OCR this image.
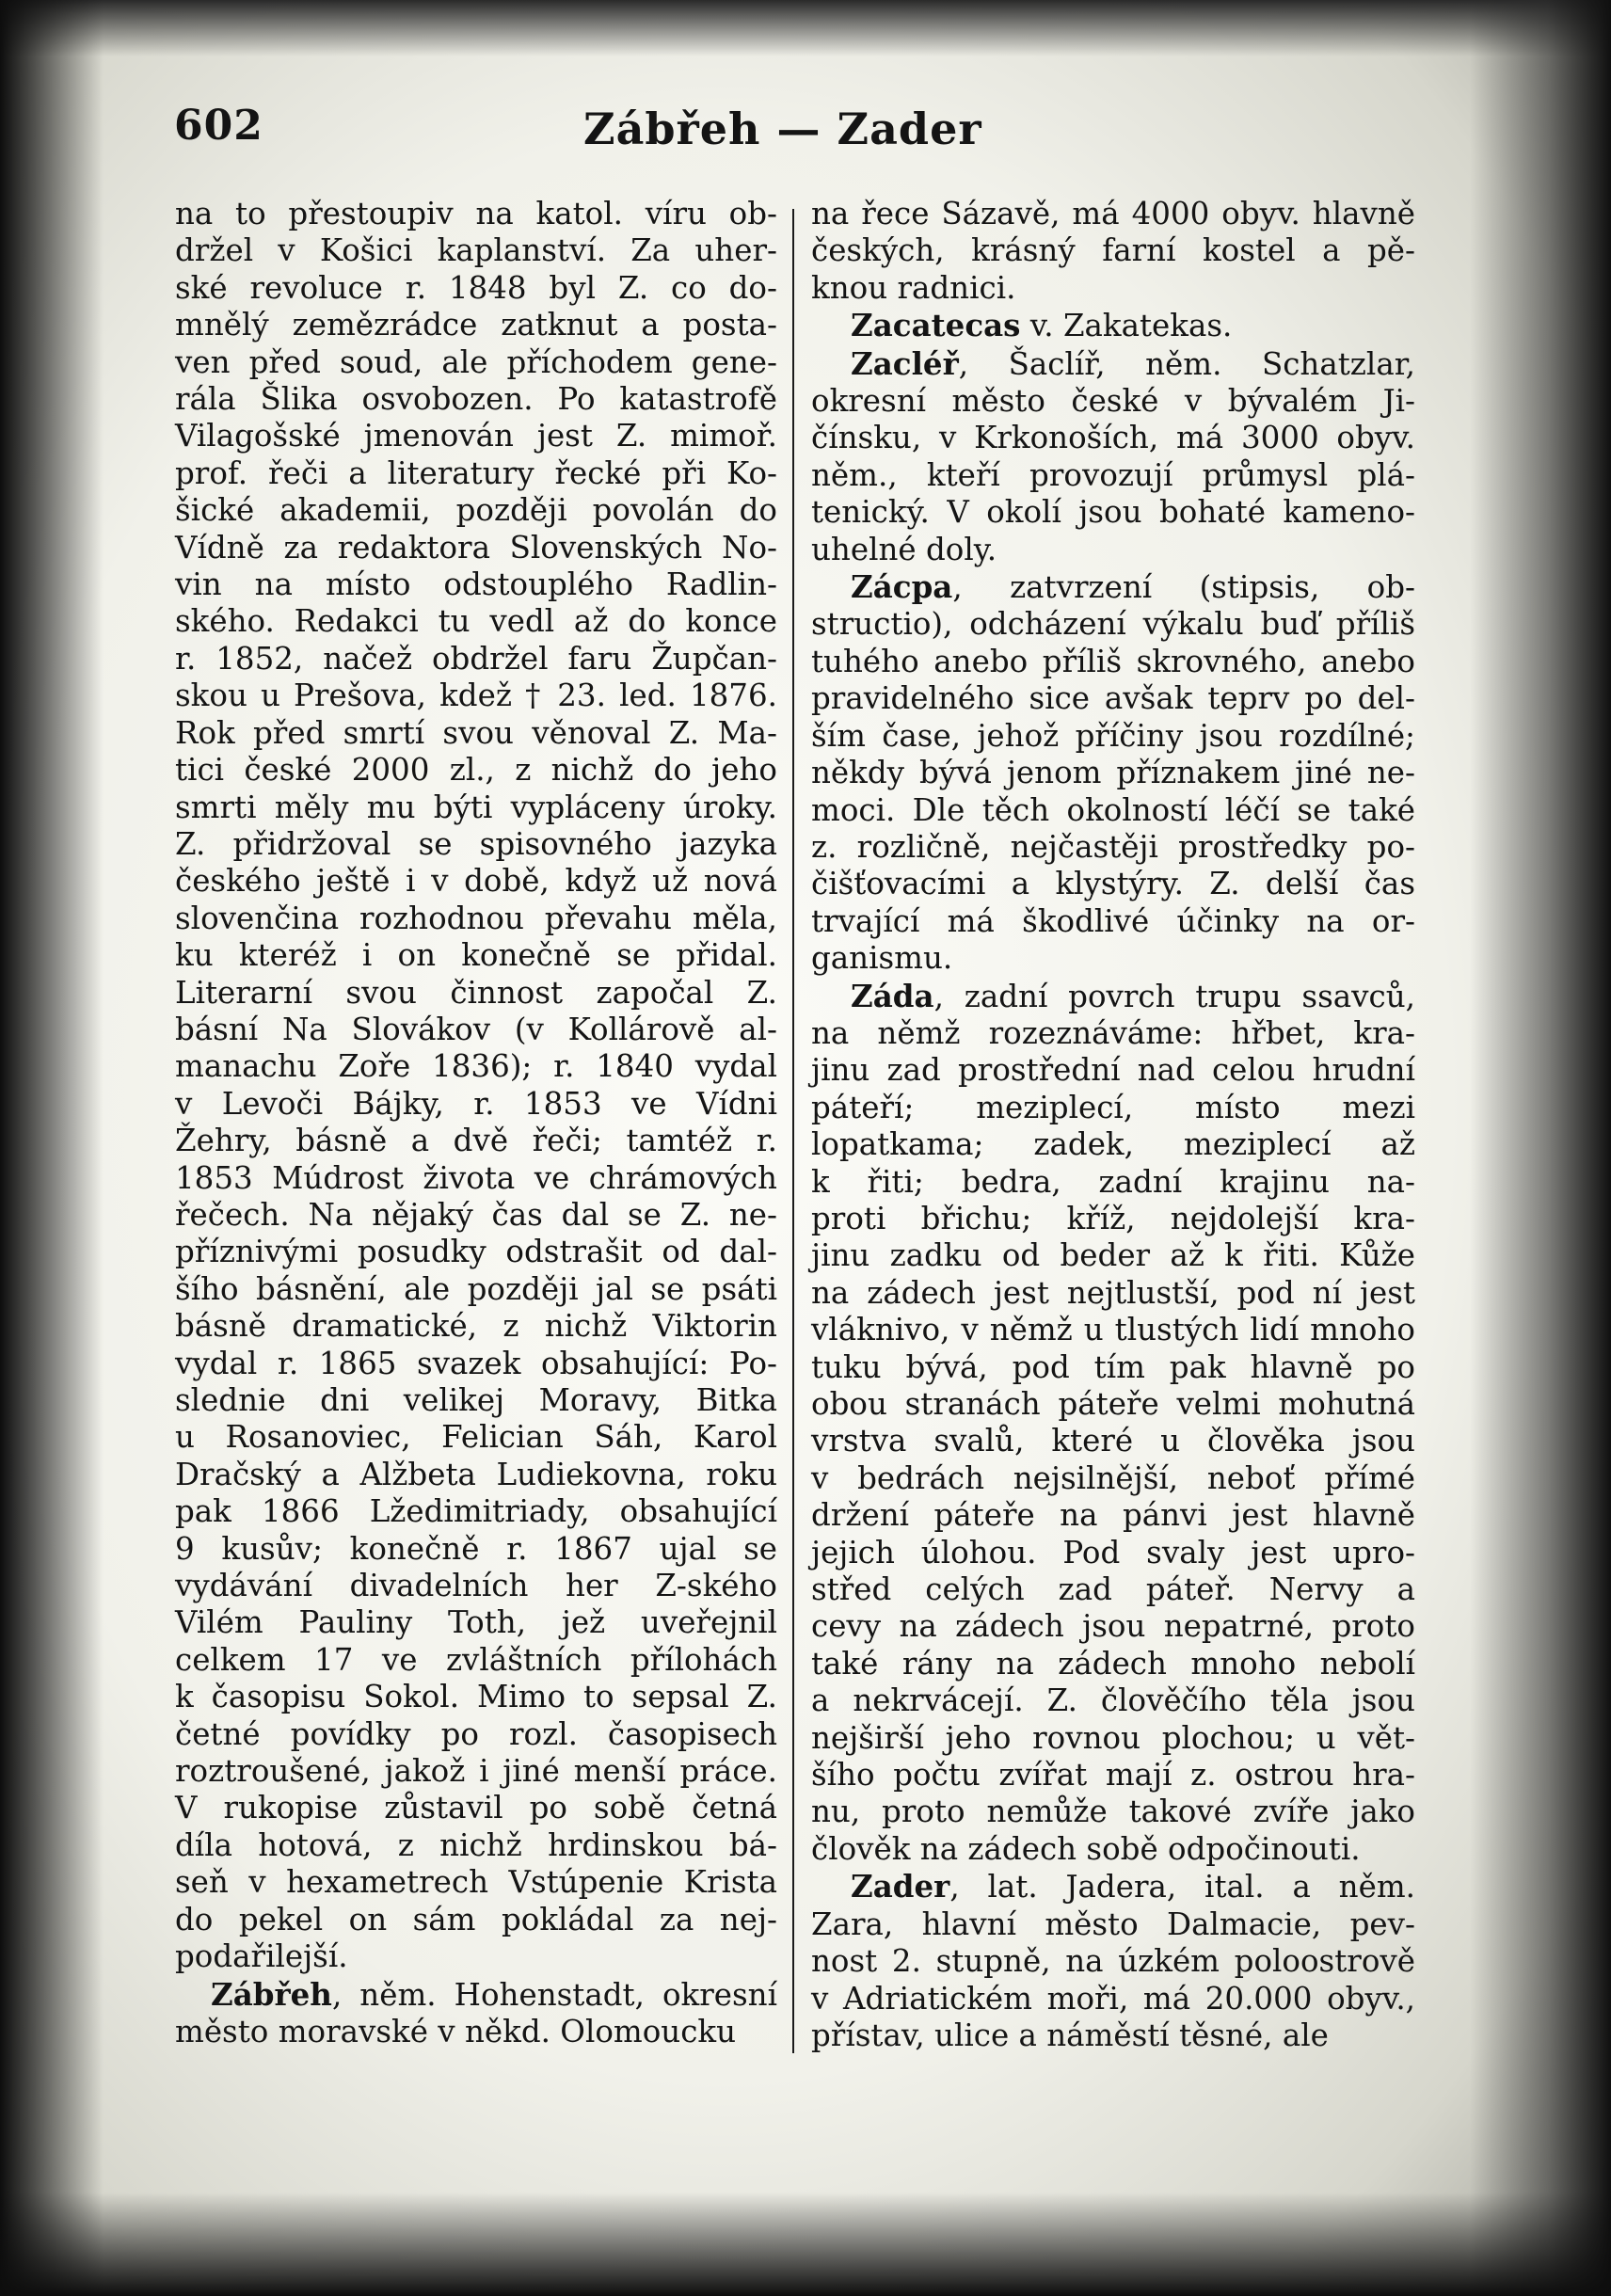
602	Zábřeh — Zader
na to přestoupiv na katol. víru ob-
držel v Košici kaplanství. Za uher-
ské revoluce r. 1848 byl Z. co do-
mnělý zemězrádce zatknut a posta-
ven před soud, ale příchodem gene-
rála Šlika osvobozen. Po katastrofě
Vilagošské jmenován jest Z. mimoř.
prof. řeči a literatury řecké při Ko-
šické akademii, později povolán do
Vídně za redaktora Slovenských No-
vin na místo odstouplého Radlin-
ského. Redakci tu vedl až do konce
r. 1852, načež obdržel faru Župčan-
skou u Prešova, kdež † 23. led. 1876.
Rok před smrtí svou věnoval Z. Ma-
tici české 2000 zl., z nichž do jeho
smrti měly mu býti vypláceny úroky.
Z. přidržoval se spisovného jazyka
českého ještě i v době, když už nová
slovenčina rozhodnou převahu měla,
ku kteréž i on konečně se přidal.
Literarní svou činnost započal Z.
básní Na Slovákov (v Kollárově al-
manachu Zoře 1836); r. 1840 vydal
v Levoči Bájky, r. 1853 ve Vídni
Žehry, básně a dvě řeči; tamtéž r.
1853 Múdrost života ve chrámových
řečech. Na nějaký čas dal se Z. ne-
příznivými posudky odstrašit od dal-
šího básnění, ale později jal se psáti
básně dramatické, z nichž Viktorin
vydal r. 1865 svazek obsahující: Po-
slednie dni velikej Moravy, Bitka
u Rosanoviec, Felician Sáh, Karol
Dračský a Alžbeta Ludiekovna, roku
pak 1866 Lžedimitriady, obsahující
9 kusův; konečně r. 1867 ujal se
vydávání divadelních her Z-ského
Vilém Pauliny Toth, jež uveřejnil
celkem 17 ve zvláštních přílohách
k časopisu Sokol. Mimo to sepsal Z.
četné povídky po rozl. časopisech
roztroušené, jakož i jiné menší práce.
V rukopise zůstavil po sobě četná
díla hotová, z nichž hrdinskou bá-
seň v hexametrech Vstúpenie Krista
do pekel on sám pokládal za nej-
podařilejší.
Zábřeh, něm. Hohenstadt, okresní
město moravské v někd. Olomoucku
na řece Sázavě, má 4000 obyv. hlavně
českých, krásný farní kostel a pě-
knou radnici.
Zacatecas v. Zakatekas.
Zacléř, Šaclíř, něm. Schatzlar,
okresní město české v bývalém Ji-
čínsku, v Krkonoších, má 3000 obyv.
něm., kteří provozují průmysl plá-
tenický. V okolí jsou bohaté kameno-
uhelné doly.
Zácpa, zatvrzení (stipsis, ob-
structio), odcházení výkalu buď příliš
tuhého anebo příliš skrovného, anebo
pravidelného sice avšak teprv po del-
ším čase, jehož příčiny jsou rozdílné;
někdy bývá jenom příznakem jiné ne-
moci. Dle těch okolností léčí se také
z. rozličně, nejčastěji prostředky po-
čišťovacími a klystýry. Z. delší čas
trvající má škodlivé účinky na or-
ganismu.
Záda, zadní povrch trupu ssavců,
na němž rozeznáváme: hřbet, kra-
jinu zad prostřední nad celou hrudní
páteří; meziplecí, místo mezi
lopatkama; zadek, meziplecí až
k řiti; bedra, zadní krajinu na-
proti břichu; kříž, nejdolejší kra-
jinu zadku od beder až k řiti. Kůže
na zádech jest nejtlustší, pod ní jest
vláknivo, v němž u tlustých lidí mnoho
tuku bývá, pod tím pak hlavně po
obou stranách páteře velmi mohutná
vrstva svalů, které u člověka jsou
v bedrách nejsilnější, neboť přímé
držení páteře na pánvi jest hlavně
jejich úlohou. Pod svaly jest upro-
střed celých zad páteř. Nervy a
cevy na zádech jsou nepatrné, proto
také rány na zádech mnoho nebolí
a nekrvácejí. Z. člověčího těla jsou
nejširší jeho rovnou plochou; u vět-
šího počtu zvířat mají z. ostrou hra-
nu, proto nemůže takové zvíře jako
člověk na zádech sobě odpočinouti.
Zader, lat. Jadera, ital. a něm.
Zara, hlavní město Dalmacie, pev-
nost 2. stupně, na úzkém poloostrově
v Adriatickém moři, má 20.000 obyv.,
přístav, ulice a náměstí těsné, ale
